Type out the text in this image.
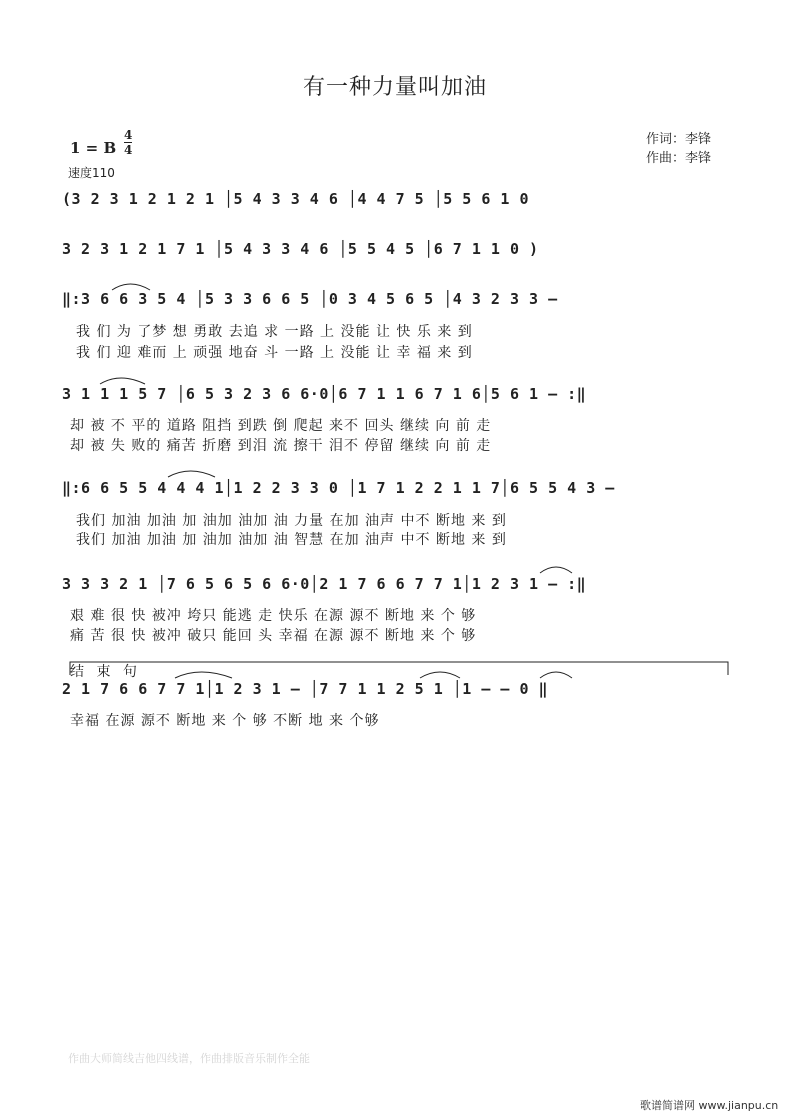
有一种力量叫加油
1 = B
4
4
作词：李锋
作曲：李锋
速度110
(3 2 3 1 2 1 2 1 │5 4 3 3 4 6 │4 4 7 5 │5 5 6 1 0
3 2 3 1 2 1 7 1 │5 4 3 3 4 6 │5 5 4 5 │6 7 1 1 0 )
‖:3 6 6 3 5 4 │5 3 3 6 6 5 │0 3 4 5 6 5 │4 3 2 3 3 –
我 们 为 了梦 想 勇敢 去追 求 一路 上 没能 让 快 乐 来 到
我 们 迎 难而 上 顽强 地奋 斗 一路 上 没能 让 幸 福 来 到
3 1 1 1 5 7 │6 5 3 2 3 6 6·0│6 7 1 1 6 7 1 6│5 6 1 – :‖
却 被 不 平的 道路 阻挡 到跌 倒 爬起 来不 回头 继续 向 前 走
却 被 失 败的 痛苦 折磨 到泪 流 擦干 泪不 停留 继续 向 前 走
‖:6 6 5 5 4 4 4 1│1 2 2 3 3 0 │1 7 1 2 2 1 1 7│6 5 5 4 3 –
我们 加油 加油 加 油加 油加 油 力量 在加 油声 中不 断地 来 到
我们 加油 加油 加 油加 油加 油 智慧 在加 油声 中不 断地 来 到
3 3 3 2 1 │7 6 5 6 5 6 6·0│2 1 7 6 6 7 7 1│1 2 3 1 – :‖
艰 难 很 快 被冲 垮只 能逃 走 快乐 在源 源不 断地 来 个 够
痛 苦 很 快 被冲 破只 能回 头 幸福 在源 源不 断地 来 个 够
结 束 句
2 1 7 6 6 7 7 1│1 2 3 1 – │7 7 1 1 2 5 1 │1 – – 0 ‖
幸福 在源 源不 断地 来 个 够 不断 地 来 个够
作曲大师简线吉他四线谱，作曲排版音乐制作全能
歌谱简谱网 www.jianpu.cn
